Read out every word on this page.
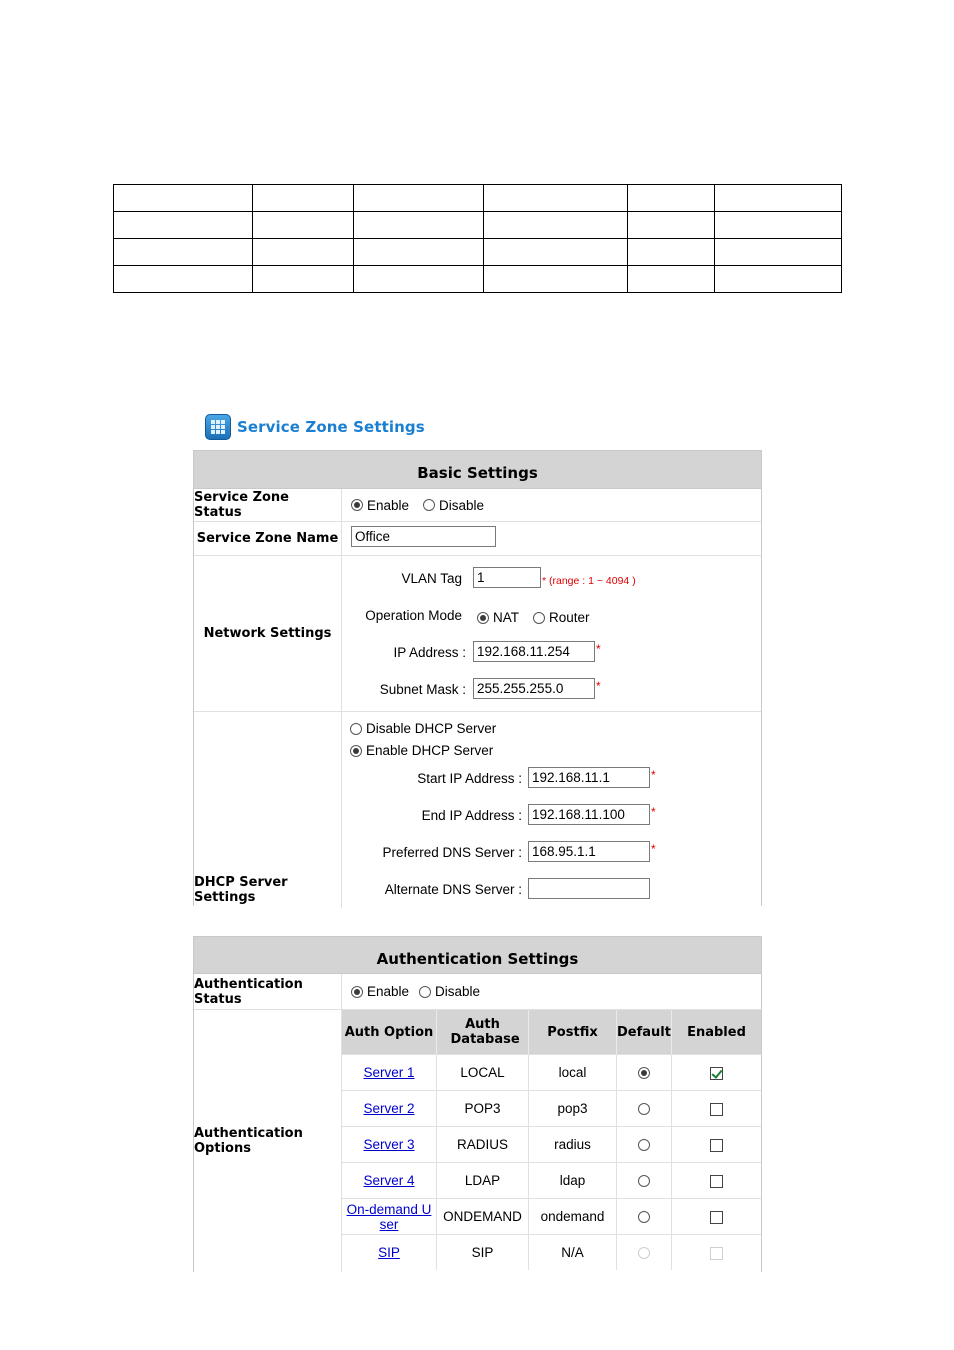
Service Zone Settings
Basic Settings
Service Zone Status	Enable Disable
Service Zone Name Office
Network Settings
VLAN Tag 1	* (range : 1 ~ 4094 )
Operation Mode NAT Router
IP Address : 192.168.11.254	*
Subnet Mask : 255.255.255.0	*
DHCP Server Settings
Disable DHCP Server
Enable DHCP Server
Start IP Address : 192.168.11.1	*
End IP Address : 192.168.11.100	*
Preferred DNS Server : 168.95.1.1	*
Alternate DNS Server :
Authentication Settings
Authentication Status	Enable Disable
Authentication Options
Auth Option	Auth Database	Postfix	Default	Enabled
Server 1	LOCAL	local		
Server 2	POP3	pop3		
Server 3	RADIUS	radius		
Server 4	LDAP	ldap		
On-demand User	ONDEMAND	ondemand		
SIP	SIP	N/A		
